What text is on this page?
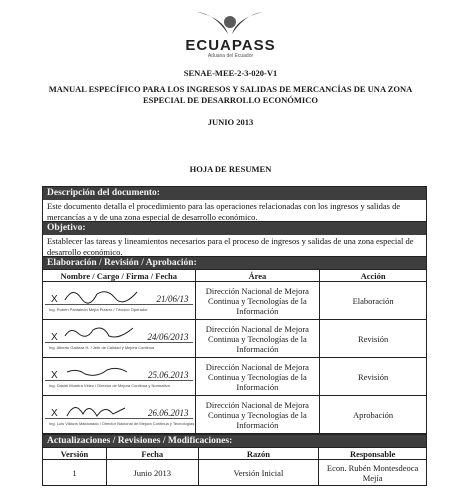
ECUAPASS
Aduana del Ecuador
SENAE-MEE-2-3-020-V1
MANUAL ESPECÍFICO PARA LOS INGRESOS Y SALIDAS DE MERCANCÍAS DE UNA ZONA ESPECIAL DE DESARROLLO ECONÓMICO
JUNIO 2013
HOJA DE RESUMEN
Descripción del documento:
Este documento detalla el procedimiento para las operaciones relacionadas con los ingresos y salidas de mercancías a y de una zona especial de desarrollo económico.
Objetivo:
Establecer las tareas y lineamientos necesarios para el proceso de ingresos y salidas de una zona especial de desarrollo económico.
Elaboración / Revisión / Aprobación:
Nombre / Cargo / Firma / Fecha	Área	Acción

X 21/06/13
Ing. Rubén Pantaleón Mejía Pizarro / Técnico Operador	Dirección Nacional de Mejora Continua y Tecnologías de la Información	Elaboración

X 24/06/2013
Ing. Alberto Galarza H. / Jefe de Calidad y Mejora Continua	Dirección Nacional de Mejora Continua y Tecnologías de la Información	Revisión

X 25.06.2013
Ing. Daniel Moreira Vélez / Director de Mejora Continua y Normativa	Dirección Nacional de Mejora Continua y Tecnologías de la Información	Revisión

X 26.06.2013
Ing. Luis Villacís Maldonado / Director Nacional de Mejora Continua y Tecnologías	Dirección Nacional de Mejora Continua y Tecnologías de la Información	Aprobación
Actualizaciones / Revisiones / Modificaciones:
Versión	Fecha	Razón	Responsable
1	Junio 2013	Versión Inicial	Econ. Rubén Montesdeoca Mejía
